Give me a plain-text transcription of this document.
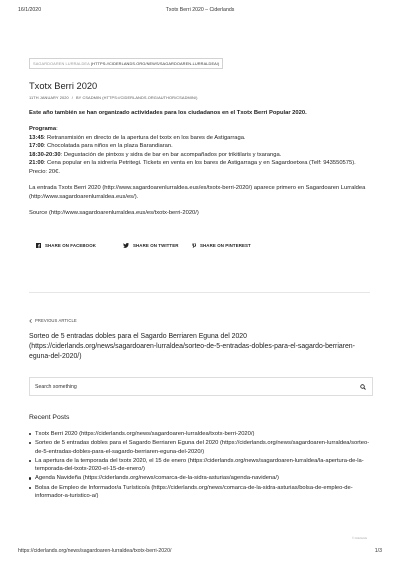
16/1/2020	Txotx Berri 2020 – Ciderlands
SAGARDOAREN LURRALDEA (HTTPS://CIDERLANDS.ORG/NEWS/SAGARDOAREN-LURRALDEA/)
Txotx Berri 2020
11TH JANUARY 2020 / BY CSADMIN (HTTPS://CIDERLANDS.ORG/AUTHOR/CSADMIN/)
Este año también se han organizado actividades para los ciudadanos en el Txotx Berri Popular 2020.
Programa:
13:45: Retransmisión en directo de la apertura del txotx en los bares de Astigarraga.
17:00: Chocolatada para niños en la plaza Barandiaran.
18:30-20:30: Degustación de pintxos y sidra de bar en bar acompañados por trikitilaris y txaranga.
21:00: Cena popular en la sidrería Petritegi. Tickets en venta en los bares de Astigarraga y en Sagardoetxea (Telf: 943550575). Precio: 20€.
La entrada Txotx Berri 2020 (http://www.sagardoarenlurraldea.eus/es/txotx-berri-2020/) aparece primero en Sagardoaren Lurraldea (http://www.sagardoarenlurraldea.eus/es/).
Source (http://www.sagardoarenlurraldea.eus/es/txotx-berri-2020/)
SHARE ON FACEBOOK	SHARE ON TWITTER	SHARE ON PINTEREST
PREVIOUS ARTICLE
Sorteo de 5 entradas dobles para el Sagardo Berriaren Eguna del 2020 (https://ciderlands.org/news/sagardoaren-lurraldea/sorteo-de-5-entradas-dobles-para-el-sagardo-berriaren-eguna-del-2020/)
Search something
Recent Posts
Txotx Berri 2020 (https://ciderlands.org/news/sagardoaren-lurraldea/txotx-berri-2020/)
Sorteo de 5 entradas dobles para el Sagardo Berriaren Eguna del 2020 (https://ciderlands.org/news/sagardoaren-lurraldea/sorteo-de-5-entradas-dobles-para-el-sagardo-berriaren-eguna-del-2020/)
La apertura de la temporada del txotx 2020, el 15 de enero (https://ciderlands.org/news/sagardoaren-lurraldea/la-apertura-de-la-temporada-del-txotx-2020-el-15-de-enero/)
Agenda Navideña (https://ciderlands.org/news/comarca-de-la-sidra-asturias/agenda-navidena/)
Bolsa de Empleo de Informador/a Turístico/a (https://ciderlands.org/news/comarca-de-la-sidra-asturias/bolsa-de-empleo-de-informador-a-turistico-a/)
© Ciderlands
https://ciderlands.org/news/sagardoaren-lurraldea/txotx-berri-2020/	1/3
